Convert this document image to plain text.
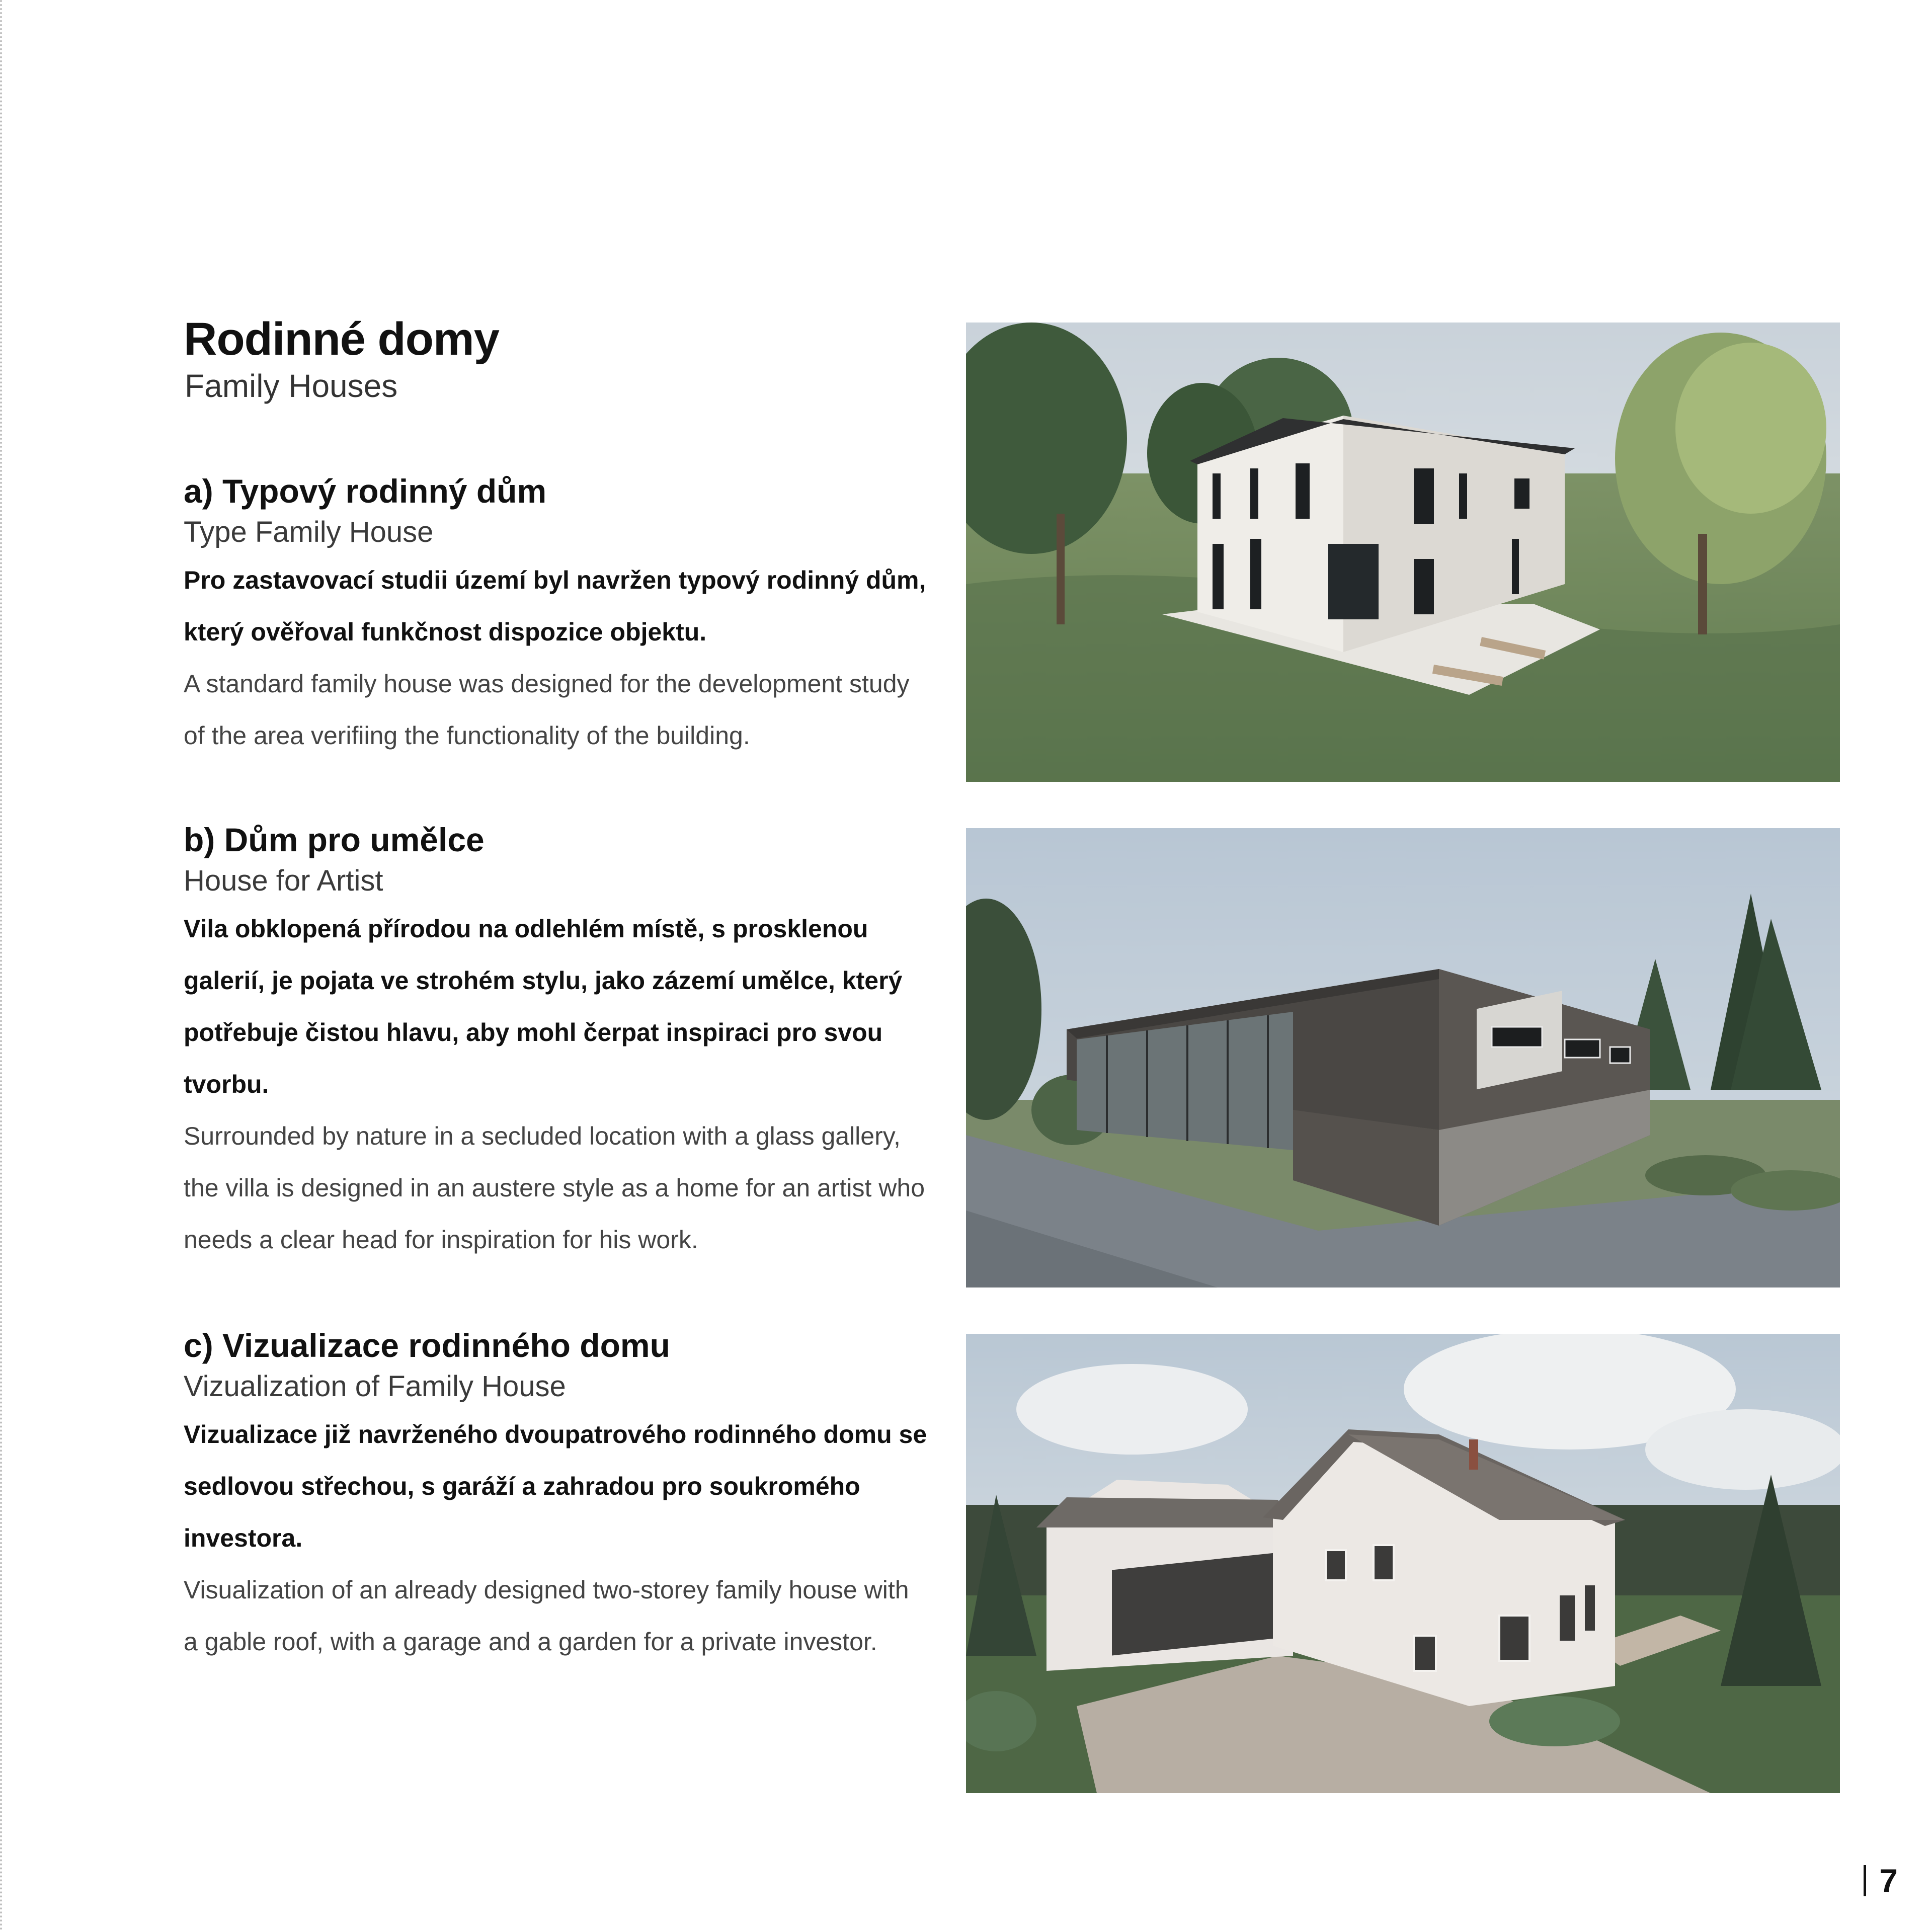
Rodinné domy

Family Houses

a) Typový rodinný dům

Type Family House

Pro zastavovací studii území byl navržen typový rodinný dům, který ověřoval funkčnost dispozice objektu.

A standard family house was designed for the development study of the area verifiing the functionality of the building.

b) Dům pro umělce

House for Artist

Vila obklopená přírodou na odlehlém místě, s prosklenou galerií, je pojata ve strohém stylu, jako zázemí umělce, který potřebuje čistou hlavu, aby mohl čerpat inspiraci pro svou tvorbu.

Surrounded by nature in a secluded location with a glass gallery, the villa is designed in an austere style as a home for an artist who needs a clear head for inspiration for his work.

c) Vizualizace rodinného domu

Vizualization of Family House

Vizualizace již navrženého dvoupatrového rodinného domu se sedlovou střechou, s garáží a zahradou pro soukromého investora.

Visualization of an already designed two-storey family house with a gable roof, with a garage and a garden for a private investor.

7
